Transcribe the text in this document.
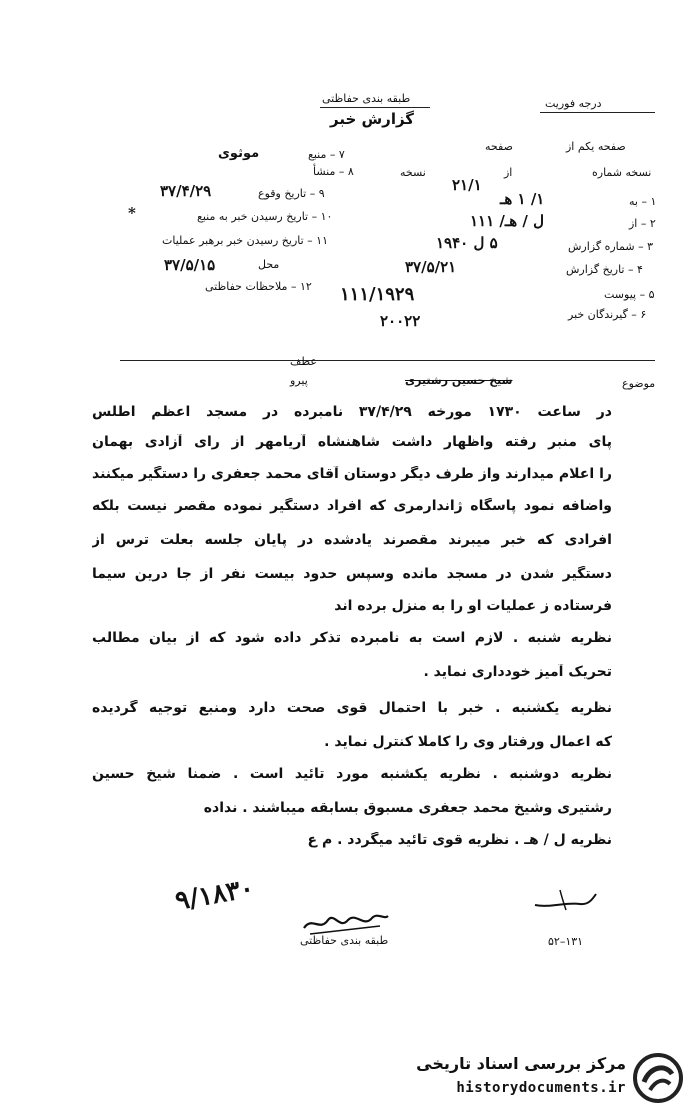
طبقه بندی حفاظتی
گزارش خبر
درجه فوریت
۷ – منبع
موثوی
۸ – منشأ
۹ – تاریخ وقوع
۳۷/۴/۲۹
۱۰ – تاریخ رسیدن خبر به منبع
*
۱۱ – تاریخ رسیدن خبر برهبر عملیات
محل
۳۷/۵/۱۵
۱۲ – ملاحظات حفاظتی
صفحه یکم از
صفحه
نسخه شماره
از
نسخه
۲۱/۱
۱ – به
۱/ ۱ هـ
۲ – از
ل / هـ/ ۱۱۱
۳ – شماره گزارش
۵ ل ۱۹۴۰
۴ – تاریخ گزارش
۳۷/۵/۲۱
۵ – پیوست
۱۱۱/۱۹۲۹
۶ – گیرندگان خبر
۲۰۰۲۲
عطف
پیرو	موضوع
شیخ حسین رشتیری
در ساعت ۱۷۳۰ مورخه ۳۷/۴/۲۹ نامبرده در مسجد اعظم اطلس
پای منبر رفته واظهار داشت شاهنشاه آریامهر از ‌رای آزادی بهمان
را اعلام میدارند واز طرف دیگر دوستان آقای محمد جعفری را دستگیر میکنند
واضافه نمود پاسگاه ژاندارمری که افراد دستگیر نموده مقصر نیست بلکه
افرادی که خبر میبرند مقصرند یادشده در پایان جلسه بعلت ترس از
دستگیر شدن در مسجد مانده وسپس حدود بیست نفر از جا درین سیما
فرستاده ز عملیات او را به منزل برده اند
نظریه شنبه . لازم است به نامبرده تذکر داده شود که از بیان مطالب
تحریک آمیز خودداری نماید .
نظریه یکشنبه . خبر با احتمال قوی صحت دارد ومنبع توجیه گردیده
که اعمال ورفتار وی را کاملا کنترل نماید .
نظریه دوشنبه . نظریه یکشنبه مورد تائید است . ضمنا شیخ حسین
رشتیری وشیخ محمد جعفری مسبوق بسابقه میباشند . نداده
نظریه ل / هـ . نظریه قوی تائید میگردد . م ع
۹/۱۸۳۰
طبقه بندی حفاظتی	۵۲–۱۳۱
مرکز بررسی اسناد تاریخی
historydocuments.ir
